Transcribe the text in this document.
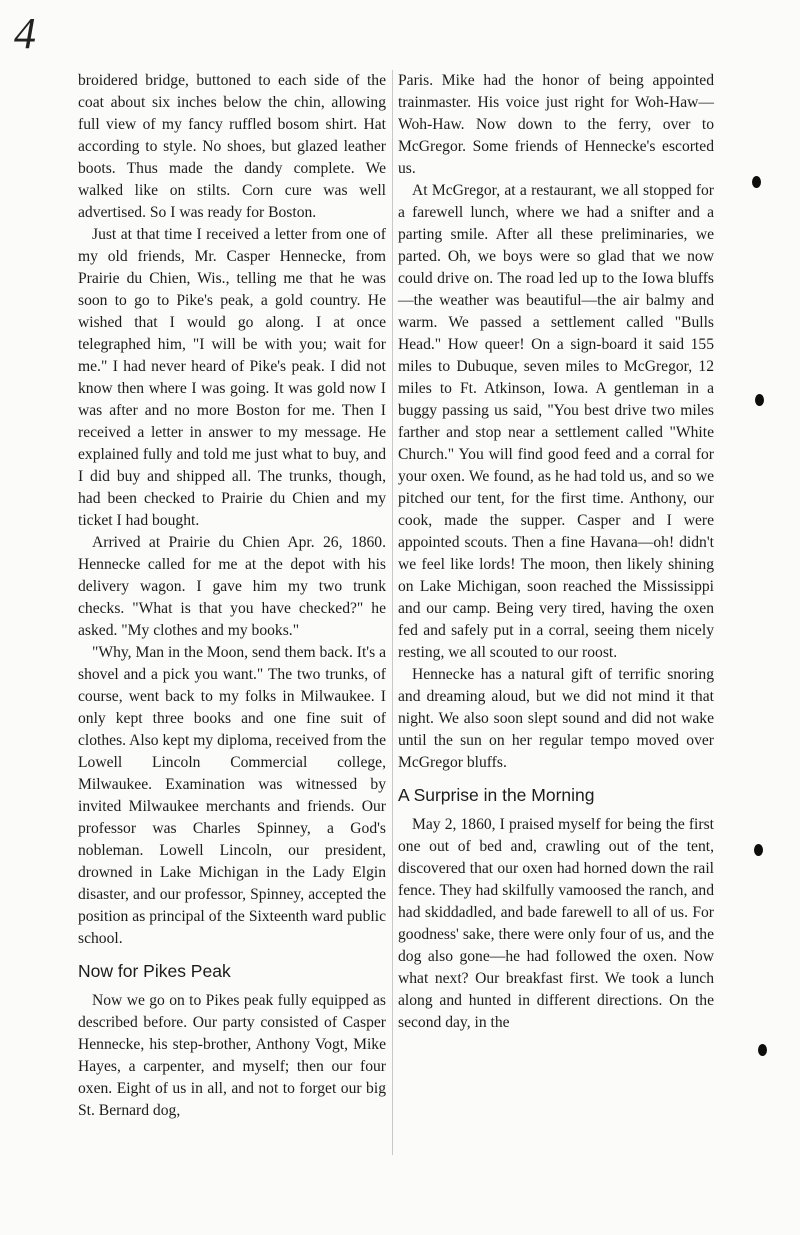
4

broidered bridge, buttoned to each side of the coat about six inches below the chin, allowing full view of my fancy ruffled bosom shirt. Hat according to style. No shoes, but glazed leather boots. Thus made the dandy complete. We walked like on stilts. Corn cure was well advertised. So I was ready for Boston.

Just at that time I received a letter from one of my old friends, Mr. Casper Hennecke, from Prairie du Chien, Wis., telling me that he was soon to go to Pike's peak, a gold country. He wished that I would go along. I at once telegraphed him, "I will be with you; wait for me." I had never heard of Pike's peak. I did not know then where I was going. It was gold now I was after and no more Boston for me. Then I received a letter in answer to my message. He explained fully and told me just what to buy, and I did buy and shipped all. The trunks, though, had been checked to Prairie du Chien and my ticket I had bought.

Arrived at Prairie du Chien Apr. 26, 1860. Hennecke called for me at the depot with his delivery wagon. I gave him my two trunk checks. "What is that you have checked?" he asked. "My clothes and my books."

"Why, Man in the Moon, send them back. It's a shovel and a pick you want." The two trunks, of course, went back to my folks in Milwaukee. I only kept three books and one fine suit of clothes. Also kept my diploma, received from the Lowell Lincoln Commercial college, Milwaukee. Examination was witnessed by invited Milwaukee merchants and friends. Our professor was Charles Spinney, a God's nobleman. Lowell Lincoln, our president, drowned in Lake Michigan in the Lady Elgin disaster, and our professor, Spinney, accepted the position as principal of the Sixteenth ward public school.

Now for Pikes Peak

Now we go on to Pikes peak fully equipped as described before. Our party consisted of Casper Hennecke, his step-brother, Anthony Vogt, Mike Hayes, a carpenter, and myself; then our four oxen. Eight of us in all, and not to forget our big St. Bernard dog,

Paris. Mike had the honor of being appointed trainmaster. His voice just right for Woh-Haw—Woh-Haw. Now down to the ferry, over to McGregor. Some friends of Hennecke's escorted us.

At McGregor, at a restaurant, we all stopped for a farewell lunch, where we had a snifter and a parting smile. After all these preliminaries, we parted. Oh, we boys were so glad that we now could drive on. The road led up to the Iowa bluffs—the weather was beautiful—the air balmy and warm. We passed a settlement called "Bulls Head." How queer! On a sign-board it said 155 miles to Dubuque, seven miles to McGregor, 12 miles to Ft. Atkinson, Iowa. A gentleman in a buggy passing us said, "You best drive two miles farther and stop near a settlement called "White Church." You will find good feed and a corral for your oxen. We found, as he had told us, and so we pitched our tent, for the first time. Anthony, our cook, made the supper. Casper and I were appointed scouts. Then a fine Havana—oh! didn't we feel like lords! The moon, then likely shining on Lake Michigan, soon reached the Mississippi and our camp. Being very tired, having the oxen fed and safely put in a corral, seeing them nicely resting, we all scouted to our roost.

Hennecke has a natural gift of terrific snoring and dreaming aloud, but we did not mind it that night. We also soon slept sound and did not wake until the sun on her regular tempo moved over McGregor bluffs.

A Surprise in the Morning

May 2, 1860, I praised myself for being the first one out of bed and, crawling out of the tent, discovered that our oxen had horned down the rail fence. They had skilfully vamoosed the ranch, and had skiddadled, and bade farewell to all of us. For goodness' sake, there were only four of us, and the dog also gone—he had followed the oxen. Now what next? Our breakfast first. We took a lunch along and hunted in different directions. On the second day, in the
